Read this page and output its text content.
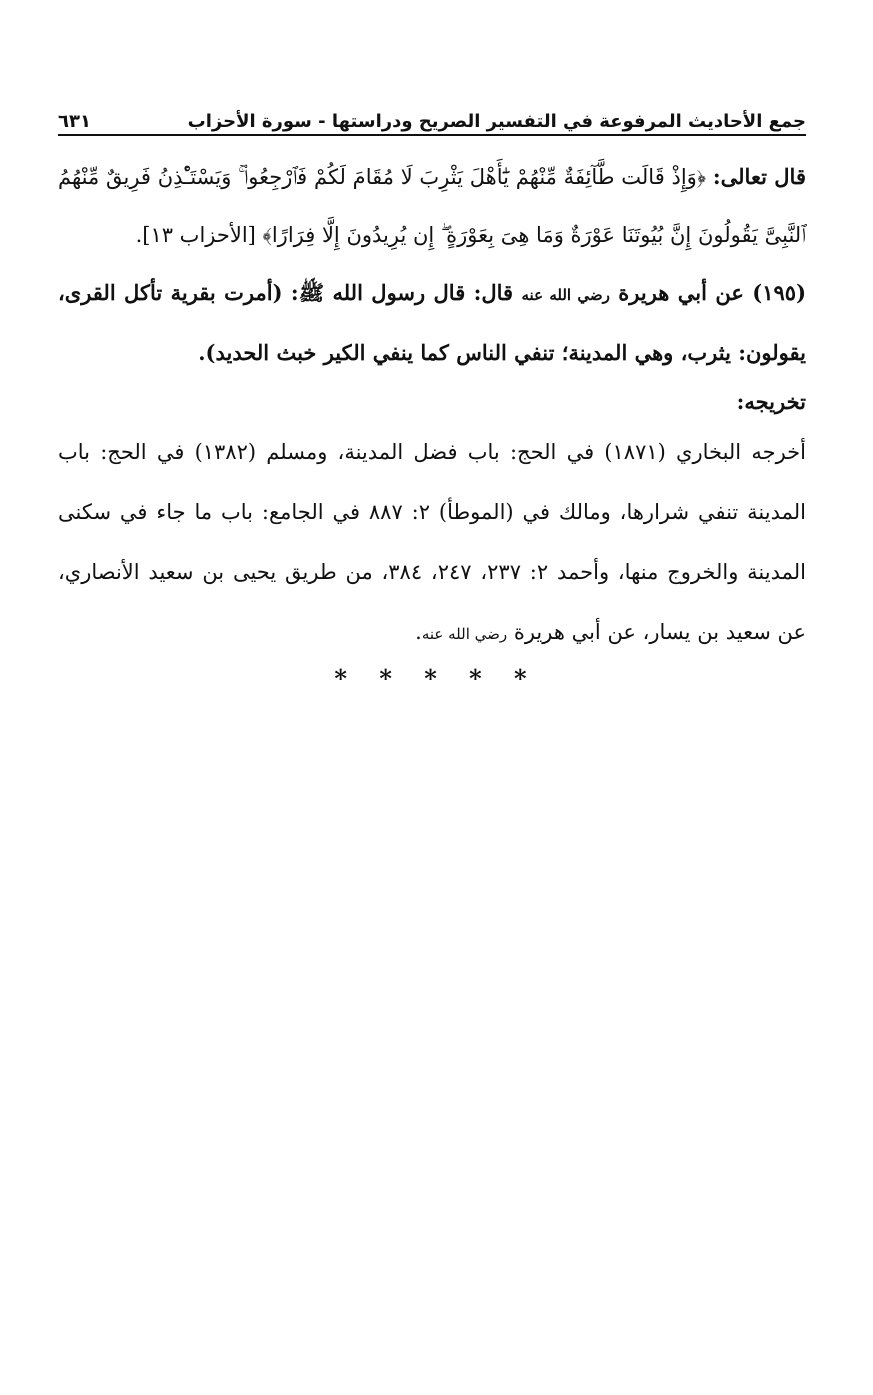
جمع الأحاديث المرفوعة في التفسير الصريح ودراستها - سورة الأحزاب
٦٣١

قال تعالى: ﴿وَإِذْ قَالَت طَّآئِفَةٌ مِّنْهُمْ يَٰٓأَهْلَ يَثْرِبَ لَا مُقَامَ لَكُمْ فَٱرْجِعُوا۟ ۚ وَيَسْتَـْٔذِنُ فَرِيقٌ مِّنْهُمُ ٱلنَّبِىَّ يَقُولُونَ إِنَّ بُيُوتَنَا عَوْرَةٌ وَمَا هِىَ بِعَوْرَةٍ ۖ إِن يُرِيدُونَ إِلَّا فِرَارًا﴾ [الأحزاب ١٣].

(١٩٥) عن أبي هريرة رضي الله عنه قال: قال رسول الله ﷺ: (أمرت بقرية تأكل القرى، يقولون: يثرب، وهي المدينة؛ تنفي الناس كما ينفي الكير خبث الحديد).

تخريجه:

أخرجه البخاري (١٨٧١) في الحج: باب فضل المدينة، ومسلم (١٣٨٢) في الحج: باب المدينة تنفي شرارها، ومالك في (الموطأ) ٢: ٨٨٧ في الجامع: باب ما جاء في سكنى المدينة والخروج منها، وأحمد ٢: ٢٣٧، ٢٤٧، ٣٨٤، من طريق يحيى بن سعيد الأنصاري، عن سعيد بن يسار، عن أبي هريرة رضي الله عنه.

* * * * *
